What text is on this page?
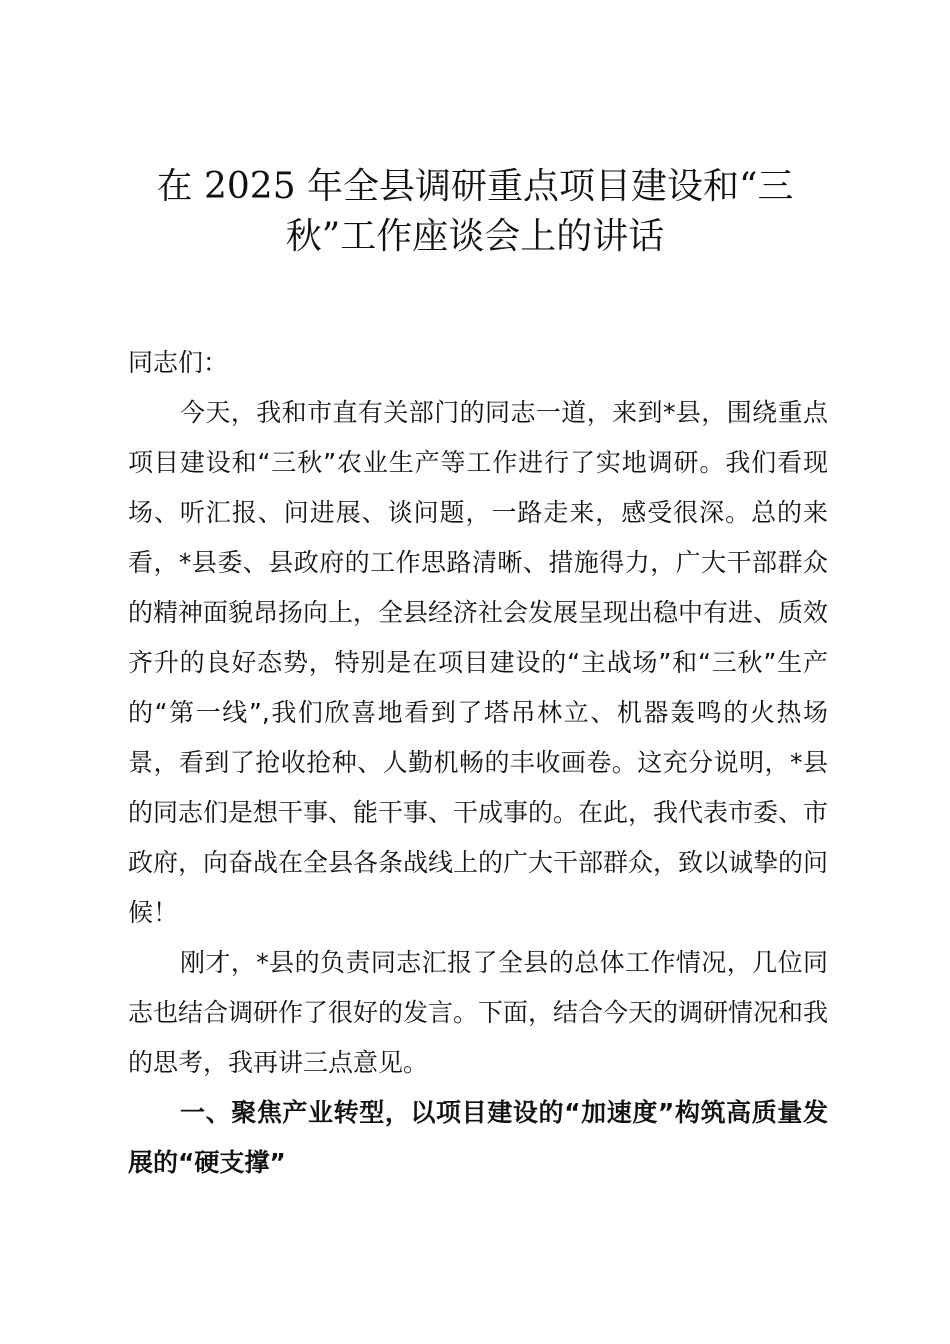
在 2025 年全县调研重点项目建设和“三
秋”工作座谈会上的讲话

同志们：

今天，我和市直有关部门的同志一道，来到*县，围绕重点项目建设和“三秋”农业生产等工作进行了实地调研。我们看现场、听汇报、问进展、谈问题，一路走来，感受很深。总的来看，*县委、县政府的工作思路清晰、措施得力，广大干部群众的精神面貌昂扬向上，全县经济社会发展呈现出稳中有进、质效齐升的良好态势，特别是在项目建设的“主战场”和“三秋”生产的“第一线”,我们欣喜地看到了塔吊林立、机器轰鸣的火热场景，看到了抢收抢种、人勤机畅的丰收画卷。这充分说明，*县的同志们是想干事、能干事、干成事的。在此，我代表市委、市政府，向奋战在全县各条战线上的广大干部群众，致以诚挚的问候！

刚才，*县的负责同志汇报了全县的总体工作情况，几位同志也结合调研作了很好的发言。下面，结合今天的调研情况和我的思考，我再讲三点意见。

一、聚焦产业转型，以项目建设的“加速度”构筑高质量发展的“硬支撑”
